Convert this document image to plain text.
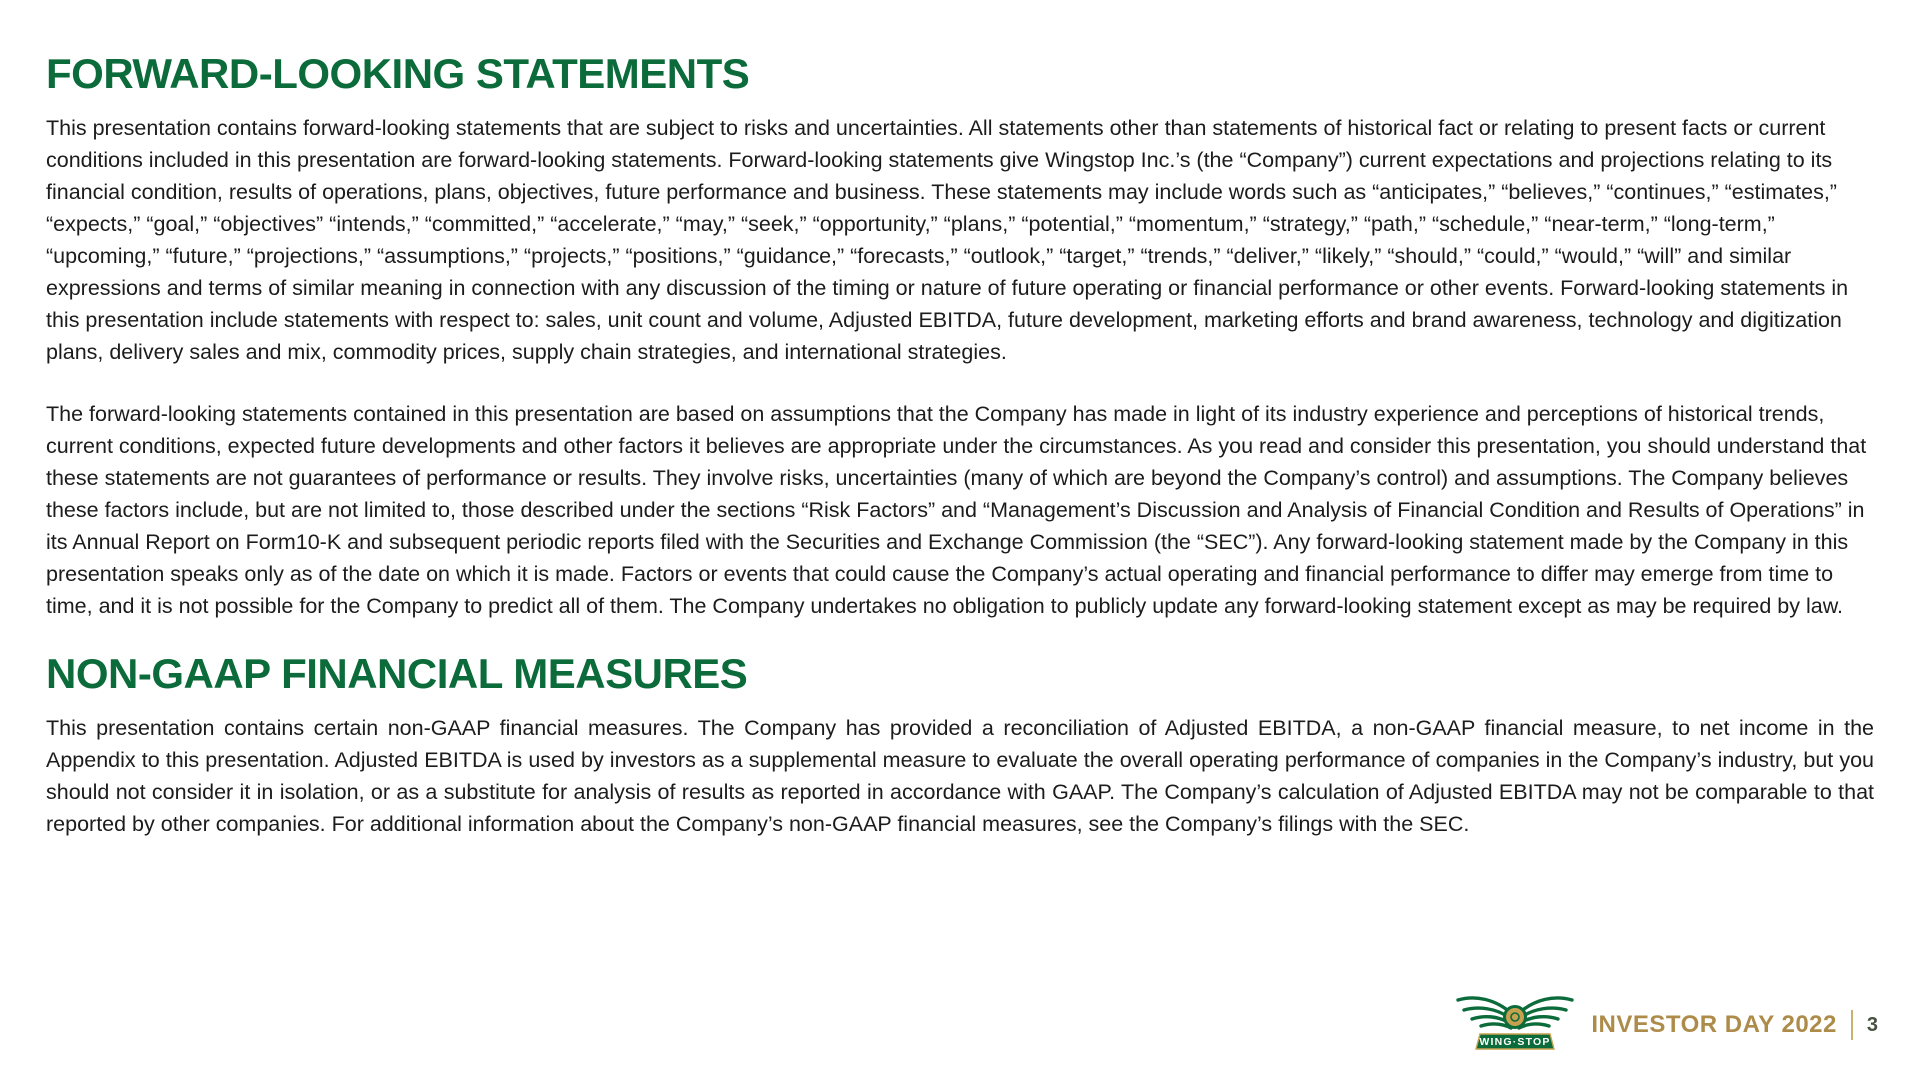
FORWARD-LOOKING STATEMENTS

This presentation contains forward-looking statements that are subject to risks and uncertainties. All statements other than statements of historical fact or relating to present facts or current conditions included in this presentation are forward-looking statements. Forward-looking statements give Wingstop Inc.’s (the “Company”) current expectations and projections relating to its financial condition, results of operations, plans, objectives, future performance and business. These statements may include words such as “anticipates,” “believes,” “continues,” “estimates,” “expects,” “goal,” “objectives” “intends,” “committed,” “accelerate,” “may,” “seek,” “opportunity,” “plans,” “potential,” “momentum,” “strategy,” “path,” “schedule,” “near-term,” “long-term,” “upcoming,” “future,” “projections,” “assumptions,” “projects,” “positions,” “guidance,” “forecasts,” “outlook,” “target,” “trends,” “deliver,” “likely,” “should,” “could,” “would,” “will” and similar expressions and terms of similar meaning in connection with any discussion of the timing or nature of future operating or financial performance or other events. Forward-looking statements in this presentation include statements with respect to: sales, unit count and volume, Adjusted EBITDA, future development, marketing efforts and brand awareness, technology and digitization plans, delivery sales and mix, commodity prices, supply chain strategies, and international strategies.

The forward-looking statements contained in this presentation are based on assumptions that the Company has made in light of its industry experience and perceptions of historical trends, current conditions, expected future developments and other factors it believes are appropriate under the circumstances. As you read and consider this presentation, you should understand that these statements are not guarantees of performance or results. They involve risks, uncertainties (many of which are beyond the Company’s control) and assumptions. The Company believes these factors include, but are not limited to, those described under the sections “Risk Factors” and “Management’s Discussion and Analysis of Financial Condition and Results of Operations” in its Annual Report on Form10-K and subsequent periodic reports filed with the Securities and Exchange Commission (the “SEC”). Any forward-looking statement made by the Company in this presentation speaks only as of the date on which it is made. Factors or events that could cause the Company’s actual operating and financial performance to differ may emerge from time to time, and it is not possible for the Company to predict all of them. The Company undertakes no obligation to publicly update any forward-looking statement except as may be required by law.

NON-GAAP FINANCIAL MEASURES

This presentation contains certain non-GAAP financial measures. The Company has provided a reconciliation of Adjusted EBITDA, a non-GAAP financial measure, to net income in the Appendix to this presentation. Adjusted EBITDA is used by investors as a supplemental measure to evaluate the overall operating performance of companies in the Company’s industry, but you should not consider it in isolation, or as a substitute for analysis of results as reported in accordance with GAAP. The Company’s calculation of Adjusted EBITDA may not be comparable to that reported by other companies. For additional information about the Company’s non-GAAP financial measures, see the Company’s filings with the SEC.

WING·STOP
INVESTOR DAY 2022 3
